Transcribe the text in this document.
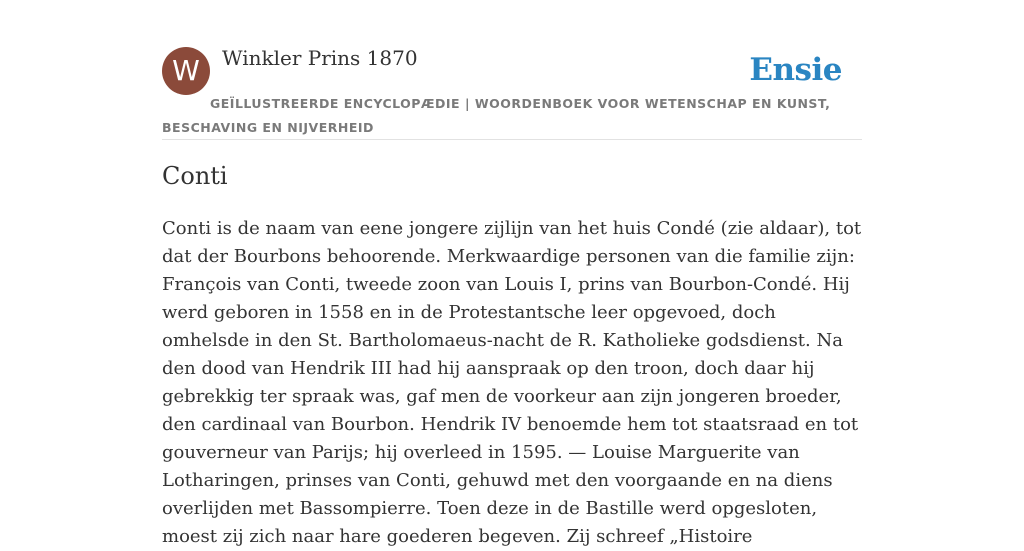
W	Winkler Prins 1870	Ensie
GEÏLLUSTREERDE ENCYCLOPÆDIE | WOORDENBOEK VOOR WETENSCHAP EN KUNST, BESCHAVING EN NIJVERHEID
Conti

Conti is de naam van eene jongere zijlijn van het huis Condé (zie aldaar), tot dat der Bourbons behoorende. Merkwaardige personen van die familie zijn: François van Conti, tweede zoon van Louis I, prins van Bourbon-Condé. Hij werd geboren in 1558 en in de Protestantsche leer opgevoed, doch omhelsde in den St. Bartholomaeus-nacht de R. Katholieke godsdienst. Na den dood van Hendrik III had hij aanspraak op den troon, doch daar hij gebrekkig ter spraak was, gaf men de voorkeur aan zijn jongeren broeder, den cardinaal van Bourbon. Hendrik IV benoemde hem tot staatsraad en tot gouverneur van Parijs; hij overleed in 1595. — Louise Marguerite van Lotharingen, prinses van Conti, gehuwd met den voorgaande en na diens overlijden met Bassompierre. Toen deze in de Bastille werd opgesloten, moest zij zich naar hare goederen begeven. Zij schreef „Histoire
